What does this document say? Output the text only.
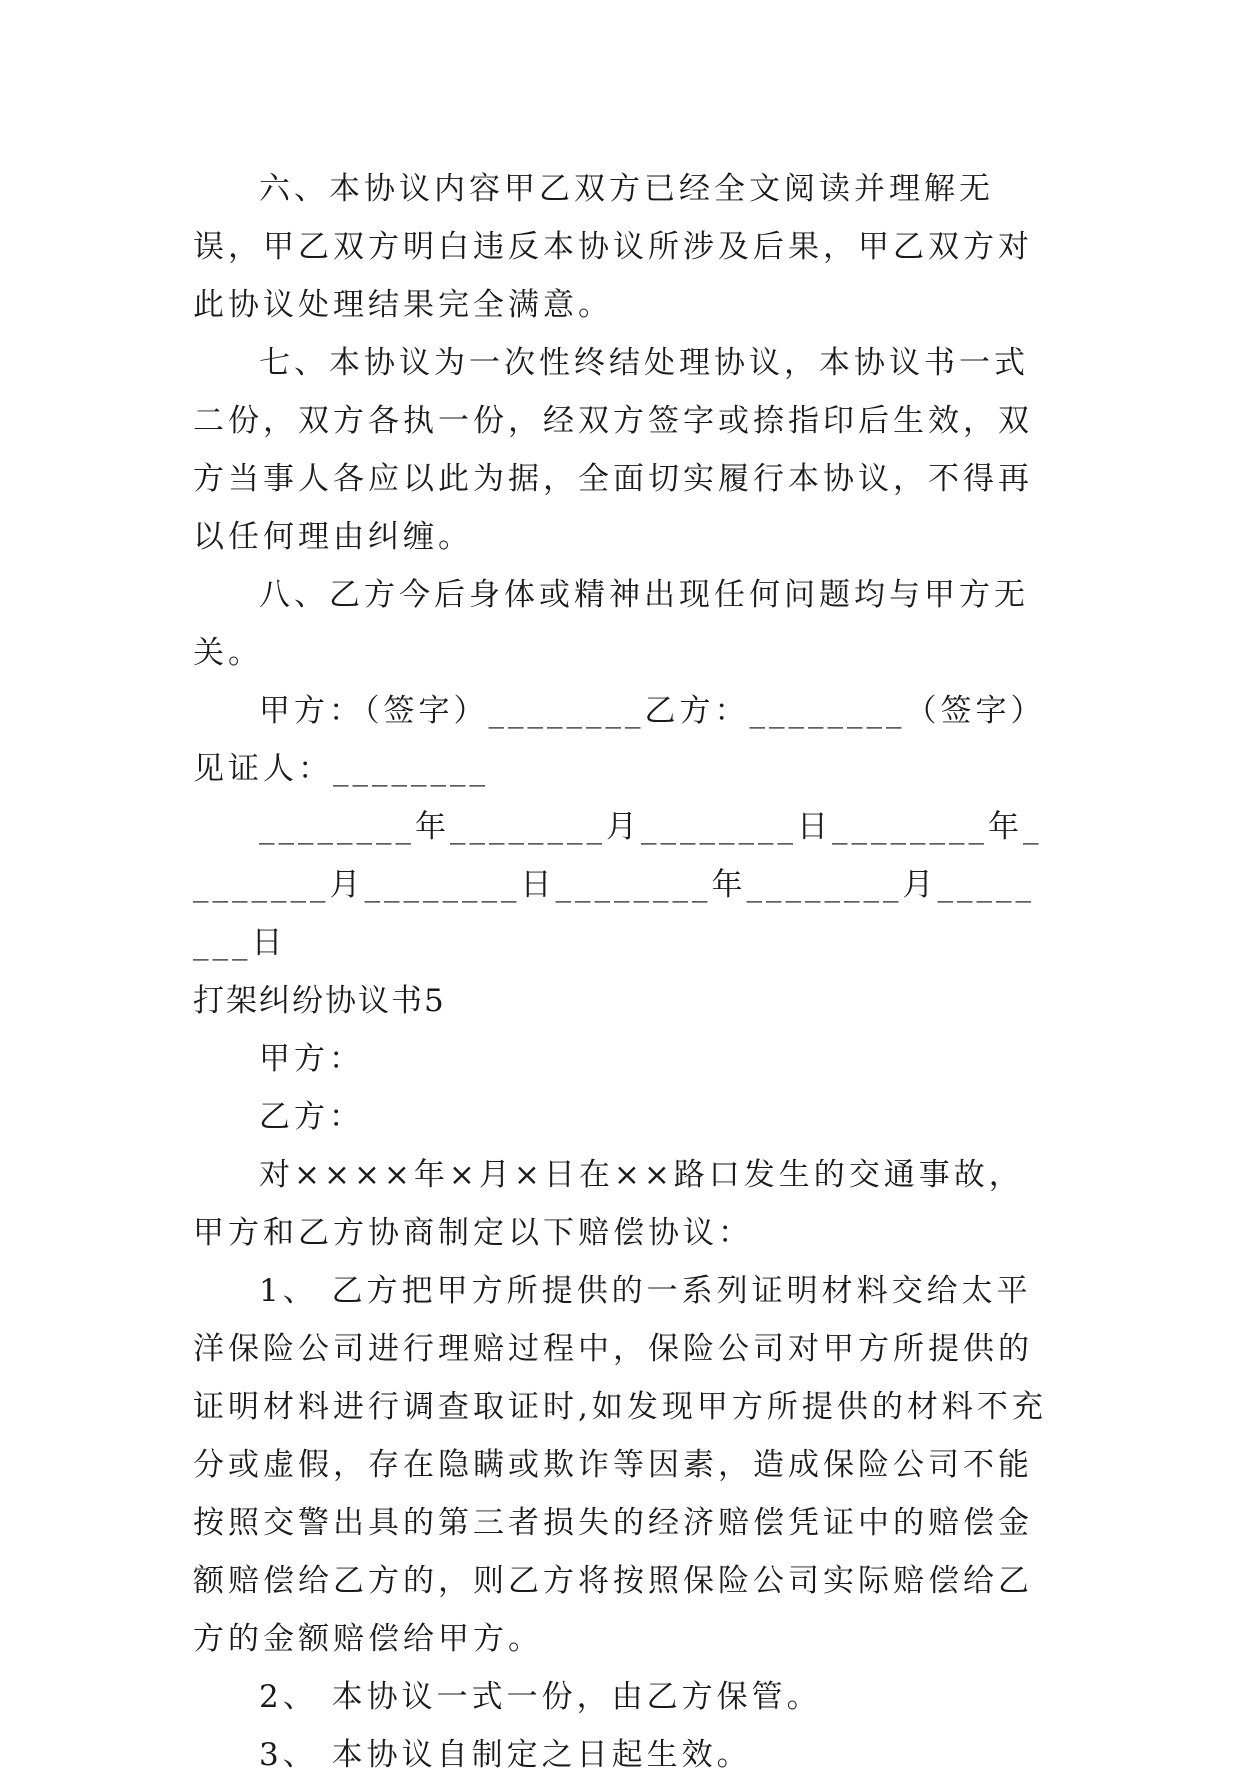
六、本协议内容甲乙双方已经全文阅读并理解无误，甲乙双方明白违反本协议所涉及后果，甲乙双方对此协议处理结果完全满意。

七、本协议为一次性终结处理协议，本协议书一式二份，双方各执一份，经双方签字或捺指印后生效，双方当事人各应以此为据，全面切实履行本协议，不得再以任何理由纠缠。

八、乙方今后身体或精神出现任何问题均与甲方无关。

甲方：（签字）________乙方：________（签字）见证人：________

________年________月________日________年________月________日________年________月________日

打架纠纷协议书5

甲方：

乙方：

对××××年×月×日在××路口发生的交通事故，甲方和乙方协商制定以下赔偿协议：

1、 乙方把甲方所提供的一系列证明材料交给太平洋保险公司进行理赔过程中，保险公司对甲方所提供的证明材料进行调查取证时,如发现甲方所提供的材料不充分或虚假，存在隐瞒或欺诈等因素，造成保险公司不能按照交警出具的第三者损失的经济赔偿凭证中的赔偿金额赔偿给乙方的，则乙方将按照保险公司实际赔偿给乙方的金额赔偿给甲方。

2、 本协议一式一份，由乙方保管。

3、 本协议自制定之日起生效。
